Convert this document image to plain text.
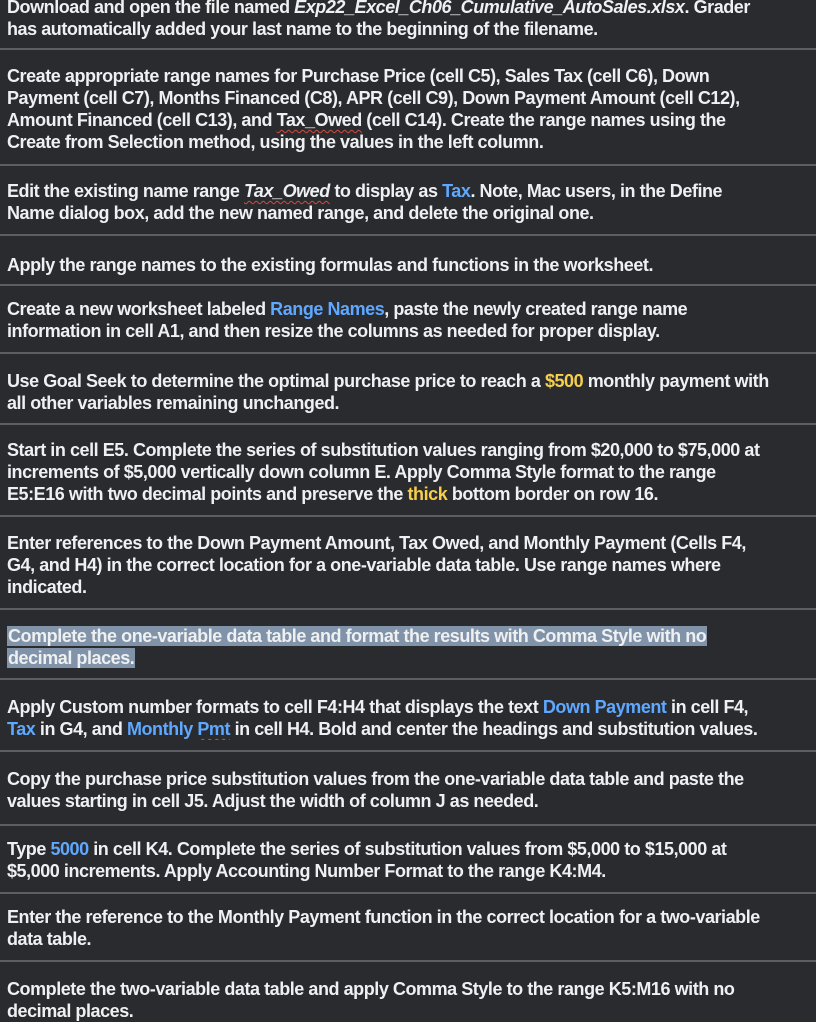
Download and open the file named Exp22_Excel_Ch06_Cumulative_AutoSales.xlsx. Grader
has automatically added your last name to the beginning of the filename.
Create appropriate range names for Purchase Price (cell C5), Sales Tax (cell C6), Down
Payment (cell C7), Months Financed (C8), APR (cell C9), Down Payment Amount (cell C12),
Amount Financed (cell C13), and Tax_Owed (cell C14). Create the range names using the
Create from Selection method, using the values in the left column.
Edit the existing name range Tax_Owed to display as Tax. Note, Mac users, in the Define
Name dialog box, add the new named range, and delete the original one.
Apply the range names to the existing formulas and functions in the worksheet.
Create a new worksheet labeled Range Names, paste the newly created range name
information in cell A1, and then resize the columns as needed for proper display.
Use Goal Seek to determine the optimal purchase price to reach a $500 monthly payment with
all other variables remaining unchanged.
Start in cell E5. Complete the series of substitution values ranging from $20,000 to $75,000 at
increments of $5,000 vertically down column E. Apply Comma Style format to the range
E5:E16 with two decimal points and preserve the thick bottom border on row 16.
Enter references to the Down Payment Amount, Tax Owed, and Monthly Payment (Cells F4,
G4, and H4) in the correct location for a one-variable data table. Use range names where
indicated.
Complete the one-variable data table and format the results with Comma Style with no
decimal places.
Apply Custom number formats to cell F4:H4 that displays the text Down Payment in cell F4,
Tax in G4, and Monthly Pmt in cell H4. Bold and center the headings and substitution values.
Copy the purchase price substitution values from the one-variable data table and paste the
values starting in cell J5. Adjust the width of column J as needed.
Type 5000 in cell K4. Complete the series of substitution values from $5,000 to $15,000 at
$5,000 increments. Apply Accounting Number Format to the range K4:M4.
Enter the reference to the Monthly Payment function in the correct location for a two-variable
data table.
Complete the two-variable data table and apply Comma Style to the range K5:M16 with no
decimal places.
